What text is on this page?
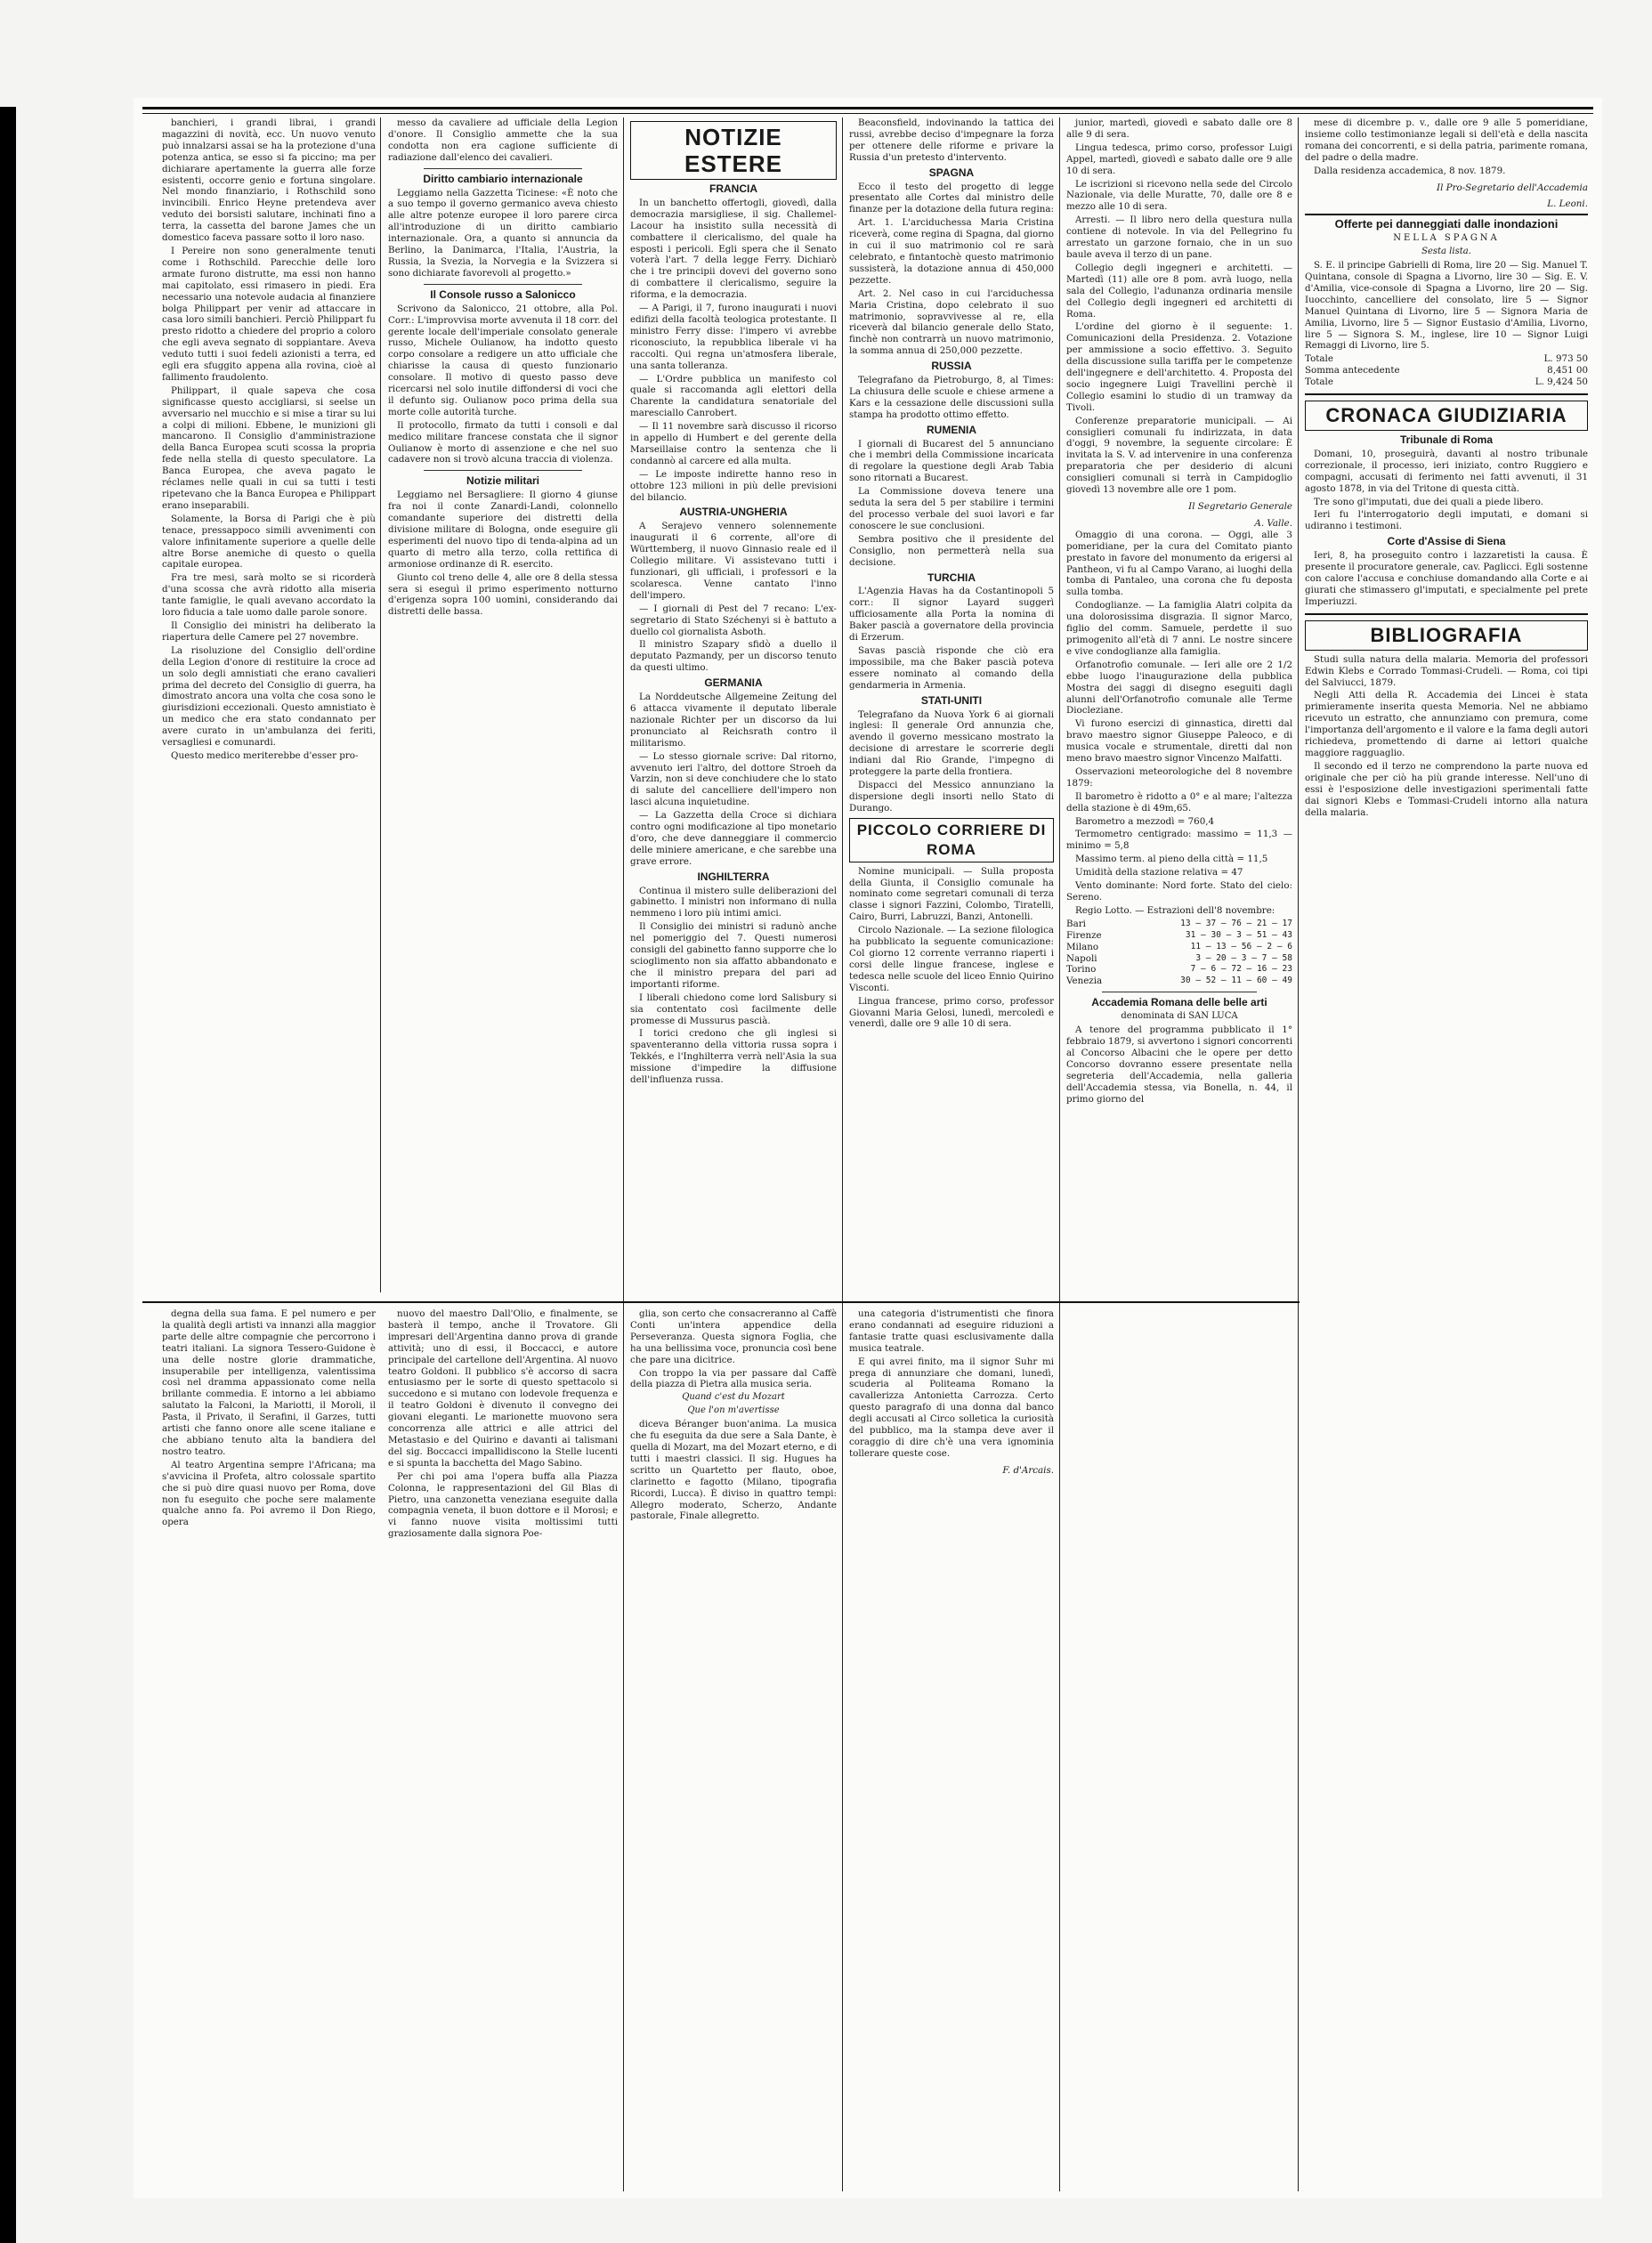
banchieri, i grandi librai, i grandi magazzini di novità, ecc. Un nuovo venuto può innalzarsi assai se ha la protezione d'una potenza antica, se esso si fa piccino; ma per dichiarare apertamente la guerra alle forze esistenti, occorre genio e fortuna singolare. Nel mondo finanziario, i Rothschild sono invincibili. Enrico Heyne pretendeva aver veduto dei borsisti salutare, inchinati fino a terra, la cassetta del barone James che un domestico faceva passare sotto il loro naso.

I Pereire non sono generalmente tenuti come i Rothschild. Parecchie delle loro armate furono distrutte, ma essi non hanno mai capitolato, essi rimasero in piedi. Era necessario una notevole audacia al finanziere bolga Philippart per venir ad attaccare in casa loro simili banchieri. Perciò Philippart fu presto ridotto a chiedere del proprio a coloro che egli aveva segnato di soppiantare. Aveva veduto tutti i suoi fedeli azionisti a terra, ed egli era sfuggito appena alla rovina, cioè al fallimento fraudolento.

Philippart, il quale sapeva che cosa significasse questo accigliarsi, si seelse un avversario nel mucchio e si mise a tirar su lui a colpi di milioni. Ebbene, le munizioni gli mancarono. Il Consiglio d'amministrazione della Banca Europea scuti scossa la propria fede nella stella di questo speculatore. La Banca Europea, che aveva pagato le réclames nelle quali in cui sa tutti i testi ripetevano che la Banca Europea e Philippart erano inseparabili.

Solamente, la Borsa di Parigi che è più tenace, pressappoco simili avvenimenti con valore infinitamente superiore a quelle delle altre Borse anemiche di questo o quella capitale europea.

Fra tre mesi, sarà molto se si ricorderà d'una scossa che avrà ridotto alla miseria tante famiglie, le quali avevano accordato la loro fiducia a tale uomo dalle parole sonore.

Il Consiglio dei ministri ha deliberato la riapertura delle Camere pel 27 novembre.

La risoluzione del Consiglio dell'ordine della Legion d'onore di restituire la croce ad un solo degli amnistiati che erano cavalieri prima del decreto del Consiglio di guerra, ha dimostrato ancora una volta che cosa sono le giurisdizioni eccezionali. Questo amnistiato è un medico che era stato condannato per avere curato in un'ambulanza dei feriti, versagliesi e comunardi.

Questo medico meriterebbe d'esser pro-

degna della sua fama. E pel numero e per la qualità degli artisti va innanzi alla maggior parte delle altre compagnie che percorrono i teatri italiani. La signora Tessero-Guidone è una delle nostre glorie drammatiche, insuperabile per intelligenza, valentissima così nel dramma appassionato come nella brillante commedia. E intorno a lei abbiamo salutato la Falconi, la Mariotti, il Moroli, il Pasta, il Privato, il Serafini, il Garzes, tutti artisti che fanno onore alle scene italiane e che abbiano tenuto alta la bandiera del nostro teatro.

Al teatro Argentina sempre l'Africana; ma s'avvicina il Profeta, altro colossale spartito che si può dire quasi nuovo per Roma, dove non fu eseguito che poche sere malamente qualche anno fa. Poi avremo il Don Riego, opera

messo da cavaliere ad ufficiale della Legion d'onore. Il Consiglio ammette che la sua condotta non era cagione sufficiente di radiazione dall'elenco dei cavalieri.

Diritto cambiario internazionale

Leggiamo nella Gazzetta Ticinese: «È noto che a suo tempo il governo germanico aveva chiesto alle altre potenze europee il loro parere circa all'introduzione di un diritto cambiario internazionale. Ora, a quanto si annuncia da Berlino, la Danimarca, l'Italia, l'Austria, la Russia, la Svezia, la Norvegia e la Svizzera si sono dichiarate favorevoli al progetto.»

Il Console russo a Salonicco

Scrivono da Salonicco, 21 ottobre, alla Pol. Corr.: L'improvvisa morte avvenuta il 18 corr. del gerente locale dell'imperiale consolato generale russo, Michele Oulianow, ha indotto questo corpo consolare a redigere un atto ufficiale che chiarisse la causa di questo funzionario consolare. Il motivo di questo passo deve ricercarsi nel solo inutile diffondersi di voci che il defunto sig. Oulianow poco prima della sua morte colle autorità turche.

Il protocollo, firmato da tutti i consoli e dal medico militare francese constata che il signor Oulianow è morto di assenzione e che nel suo cadavere non si trovò alcuna traccia di violenza.

Notizie militari

Leggiamo nel Bersagliere: Il giorno 4 giunse fra noi il conte Zanardi-Landi, colonnello comandante superiore dei distretti della divisione militare di Bologna, onde eseguire gli esperimenti del nuovo tipo di tenda-alpina ad un quarto di metro alla terzo, colla rettifica di armoniose ordinanze di R. esercito.

Giunto col treno delle 4, alle ore 8 della stessa sera si eseguì il primo esperimento notturno d'erigenza sopra 100 uomini, considerando dai distretti delle bassa.

nuovo del maestro Dall'Olio, e finalmente, se basterà il tempo, anche il Trovatore. Gli impresari dell'Argentina danno prova di grande attività; uno di essi, il Boccacci, e autore principale del cartellone dell'Argentina. Al nuovo teatro Goldoni. Il pubblico s'è accorso di sacra entusiasmo per le sorte di questo spettacolo si succedono e si mutano con lodevole frequenza e il teatro Goldoni è divenuto il convegno dei giovani eleganti. Le marionette muovono sera concorrenza alle attrici e alle attrici del Metastasio e del Quirino e davanti ai talismani del sig. Boccacci impallidiscono la Stelle lucenti e si spunta la bacchetta del Mago Sabino.

Per chi poi ama l'opera buffa alla Piazza Colonna, le rappresentazioni del Gil Blas di Pietro, una canzonetta veneziana eseguite dalla compagnia veneta, il buon dottore e il Morosi; e vi fanno nuove visita moltissimi tutti graziosamente dalla signora Poe-

NOTIZIE ESTERE
FRANCIA

In un banchetto offertogli, giovedì, dalla democrazia marsigliese, il sig. Challemel-Lacour ha insistito sulla necessità di combattere il clericalismo, del quale ha esposti i pericoli. Egli spera che il Senato voterà l'art. 7 della legge Ferry. Dichiarò che i tre principii dovevi del governo sono di combattere il clericalismo, seguire la riforma, e la democrazia.

— A Parigi, il 7, furono inaugurati i nuovi edifizi della facoltà teologica protestante. Il ministro Ferry disse: l'impero vi avrebbe riconosciuto, la repubblica liberale vi ha raccolti. Qui regna un'atmosfera liberale, una santa tolleranza.

— L'Ordre pubblica un manifesto col quale si raccomanda agli elettori della Charente la candidatura senatoriale del maresciallo Canrobert.

— Il 11 novembre sarà discusso il ricorso in appello di Humbert e del gerente della Marseillaise contro la sentenza che li condannò al carcere ed alla multa.

— Le imposte indirette hanno reso in ottobre 123 milioni in più delle previsioni del bilancio.

AUSTRIA-UNGHERIA

A Serajevo vennero solennemente inaugurati il 6 corrente, all'ore di Württemberg, il nuovo Ginnasio reale ed il Collegio militare. Vi assistevano tutti i funzionari, gli ufficiali, i professori e la scolaresca. Venne cantato l'inno dell'impero.

— I giornali di Pest del 7 recano: L'ex-segretario di Stato Széchenyi si è battuto a duello col giornalista Asboth.

Il ministro Szapary sfidò a duello il deputato Pazmandy, per un discorso tenuto da questi ultimo.

GERMANIA

La Norddeutsche Allgemeine Zeitung del 6 attacca vivamente il deputato liberale nazionale Richter per un discorso da lui pronunciato al Reichsrath contro il militarismo.

— Lo stesso giornale scrive: Dal ritorno, avvenuto ieri l'altro, del dottore Stroeh da Varzin, non si deve conchiudere che lo stato di salute del cancelliere dell'impero non lasci alcuna inquietudine.

— La Gazzetta della Croce si dichiara contro ogni modificazione al tipo monetario d'oro, che deve danneggiare il commercio delle miniere americane, e che sarebbe una grave errore.

INGHILTERRA

Continua il mistero sulle deliberazioni del gabinetto. I ministri non informano di nulla nemmeno i loro più intimi amici.

Il Consiglio dei ministri si radunò anche nel pomeriggio del 7. Questi numerosi consigli del gabinetto fanno supporre che lo scioglimento non sia affatto abbandonato e che il ministro prepara del pari ad importanti riforme.

I liberali chiedono come lord Salisbury si sia contentato così facilmente delle promesse di Mussurus pascià.

I torici credono che gli inglesi si spaventeranno della vittoria russa sopra i Tekkés, e l'Inghilterra verrà nell'Asia la sua missione d'impedire la diffusione dell'influenza russa.

glia, son certo che consacreranno al Caffè Conti un'intera appendice della Perseveranza. Questa signora Foglia, che ha una bellissima voce, pronuncia così bene che pare una dicitrice.

Con troppo la via per passare dal Caffè della piazza di Pietra alla musica seria.

Quand c'est du Mozart
Que l'on m'avertisse

diceva Béranger buon'anima. La musica che fu eseguita da due sere a Sala Dante, è quella di Mozart, ma del Mozart eterno, e di tutti i maestri classici. Il sig. Hugues ha scritto un Quartetto per flauto, oboe, clarinetto e fagotto (Milano, tipografia Ricordi, Lucca). È diviso in quattro tempi: Allegro moderato, Scherzo, Andante pastorale, Finale allegretto.

Beaconsfield, indovinando la tattica dei russi, avrebbe deciso d'impegnare la forza per ottenere delle riforme e privare la Russia d'un pretesto d'intervento.

SPAGNA

Ecco il testo del progetto di legge presentato alle Cortes dal ministro delle finanze per la dotazione della futura regina:

Art. 1. L'arciduchessa Maria Cristina riceverà, come regina di Spagna, dal giorno in cui il suo matrimonio col re sarà celebrato, e fintantochè questo matrimonio sussisterà, la dotazione annua di 450,000 pezzette.

Art. 2. Nel caso in cui l'arciduchessa Maria Cristina, dopo celebrato il suo matrimonio, sopravvivesse al re, ella riceverà dal bilancio generale dello Stato, finchè non contrarrà un nuovo matrimonio, la somma annua di 250,000 pezzette.

RUSSIA

Telegrafano da Pietroburgo, 8, al Times: La chiusura delle scuole e chiese armene a Kars e la cessazione delle discussioni sulla stampa ha prodotto ottimo effetto.

RUMENIA

I giornali di Bucarest del 5 annunciano che i membri della Commissione incaricata di regolare la questione degli Arab Tabia sono ritornati a Bucarest.

La Commissione doveva tenere una seduta la sera del 5 per stabilire i termini del processo verbale del suoi lavori e far conoscere le sue conclusioni.

Sembra positivo che il presidente del Consiglio, non permetterà nella sua decisione.

TURCHIA

L'Agenzia Havas ha da Costantinopoli 5 corr.: Il signor Layard suggerì ufficiosamente alla Porta la nomina di Baker pascià a governatore della provincia di Erzerum.

Savas pascià risponde che ciò era impossibile, ma che Baker pascià poteva essere nominato al comando della gendarmeria in Armenia.

STATI-UNITI

Telegrafano da Nuova York 6 ai giornali inglesi: Il generale Ord annunzia che, avendo il governo messicano mostrato la decisione di arrestare le scorrerie degli indiani dal Rio Grande, l'impegno di proteggere la parte della frontiera.

Dispacci del Messico annunziano la dispersione degli insorti nello Stato di Durango.

PICCOLO CORRIERE DI ROMA

Nomine municipali. — Sulla proposta della Giunta, il Consiglio comunale ha nominato come segretari comunali di terza classe i signori Fazzini, Colombo, Tiratelli, Cairo, Burri, Labruzzi, Banzi, Antonelli.

Circolo Nazionale. — La sezione filologica ha pubblicato la seguente comunicazione: Col giorno 12 corrente verranno riaperti i corsi delle lingue francese, inglese e tedesca nelle scuole del liceo Ennio Quirino Visconti.

Lingua francese, primo corso, professor Giovanni Maria Gelosi, lunedì, mercoledì e venerdì, dalle ore 9 alle 10 di sera.

una categoria d'istrumentisti che finora erano condannati ad eseguire riduzioni a fantasie tratte quasi esclusivamente dalla musica teatrale.

E qui avrei finito, ma il signor Suhr mi prega di annunziare che domani, lunedì, scuderia al Politeama Romano la cavallerizza Antonietta Carrozza. Certo questo paragrafo di una donna dal banco degli accusati al Circo solletica la curiosità del pubblico, ma la stampa deve aver il coraggio di dire ch'è una vera ignominia tollerare queste cose.

F. d'Arcais.

junior, martedì, giovedì e sabato dalle ore 8 alle 9 di sera.

Lingua tedesca, primo corso, professor Luigi Appel, martedì, giovedì e sabato dalle ore 9 alle 10 di sera.

Le iscrizioni si ricevono nella sede del Circolo Nazionale, via delle Muratte, 70, dalle ore 8 e mezzo alle 10 di sera.

Arresti. — Il libro nero della questura nulla contiene di notevole. In via del Pellegrino fu arrestato un garzone fornaio, che in un suo baule aveva il terzo di un pane.

Collegio degli ingegneri e architetti. — Martedì (11) alle ore 8 pom. avrà luogo, nella sala del Collegio, l'adunanza ordinaria mensile del Collegio degli ingegneri ed architetti di Roma.

L'ordine del giorno è il seguente: 1. Comunicazioni della Presidenza. 2. Votazione per ammissione a socio effettivo. 3. Seguito della discussione sulla tariffa per le competenze dell'ingegnere e dell'architetto. 4. Proposta del socio ingegnere Luigi Travellini perchè il Collegio esamini lo studio di un tramway da Tivoli.

Conferenze preparatorie municipali. — Ai consiglieri comunali fu indirizzata, in data d'oggi, 9 novembre, la seguente circolare: È invitata la S. V. ad intervenire in una conferenza preparatoria che per desiderio di alcuni consiglieri comunali si terrà in Campidoglio giovedì 13 novembre alle ore 1 pom.

Il Segretario Generale
A. Valle.

Omaggio di una corona. — Oggi, alle 3 pomeridiane, per la cura del Comitato pianto prestato in favore del monumento da erigersi al Pantheon, vi fu al Campo Varano, ai luoghi della tomba di Pantaleo, una corona che fu deposta sulla tomba.

Condoglianze. — La famiglia Alatri colpita da una dolorosissima disgrazia. Il signor Marco, figlio del comm. Samuele, perdette il suo primogenito all'età di 7 anni. Le nostre sincere e vive condoglianze alla famiglia.

Orfanotrofio comunale. — Ieri alle ore 2 1/2 ebbe luogo l'inaugurazione della pubblica Mostra dei saggi di disegno eseguiti dagli alunni dell'Orfanotrofio comunale alle Terme Diocleziane.

Vi furono esercizi di ginnastica, diretti dal bravo maestro signor Giuseppe Paleoco, e di musica vocale e strumentale, diretti dal non meno bravo maestro signor Vincenzo Malfatti.

Osservazioni meteorologiche del 8 novembre 1879:

Il barometro è ridotto a 0° e al mare; l'altezza della stazione è di 49m,65.

Barometro a mezzodì = 760,4

Termometro centigrado: massimo = 11,3 — minimo = 5,8

Massimo term. al pieno della città = 11,5

Umidità della stazione relativa = 47

Vento dominante: Nord forte. Stato del cielo: Sereno.

Regio Lotto. — Estrazioni dell'8 novembre:

Bari	13 — 37 — 76 — 21 — 17
Firenze	31 — 30 — 3 — 51 — 43
Milano	11 — 13 — 56 — 2 — 6
Napoli	3 — 20 — 3 — 7 — 58
Torino	7 — 6 — 72 — 16 — 23
Venezia	30 — 52 — 11 — 60 — 49
Accademia Romana delle belle arti
denominata di SAN LUCA

A tenore del programma pubblicato il 1° febbraio 1879, si avvertono i signori concorrenti al Concorso Albacini che le opere per detto Concorso dovranno essere presentate nella segreteria dell'Accademia, nella galleria dell'Accademia stessa, via Bonella, n. 44, il primo giorno del

mese di dicembre p. v., dalle ore 9 alle 5 pomeridiane, insieme collo testimonianze legali si dell'età e della nascita romana dei concorrenti, e si della patria, parimente romana, del padre o della madre.

Dalla residenza accademica, 8 nov. 1879.

Il Pro-Segretario dell'Accademia
L. Leoni.
Offerte pei danneggiati dalle inondazioni
NELLA SPAGNA
Sesta lista.

S. E. il principe Gabrielli di Roma, lire 20 — Sig. Manuel T. Quintana, console di Spagna a Livorno, lire 30 — Sig. E. V. d'Amilia, vice-console di Spagna a Livorno, lire 20 — Sig. Iuocchinto, cancelliere del consolato, lire 5 — Signor Manuel Quintana di Livorno, lire 5 — Signora Maria de Amilia, Livorno, lire 5 — Signor Eustasio d'Amilia, Livorno, lire 5 — Signora S. M., inglese, lire 10 — Signor Luigi Remaggi di Livorno, lire 5.

Totale	L. 973 50
Somma antecedente	8,451 00
Totale	L. 9,424 50
CRONACA GIUDIZIARIA
Tribunale di Roma

Domani, 10, proseguirà, davanti al nostro tribunale correzionale, il processo, ieri iniziato, contro Ruggiero e compagni, accusati di ferimento nei fatti avvenuti, il 31 agosto 1878, in via del Tritone di questa città.

Tre sono gl'imputati, due dei quali a piede libero.

Ieri fu l'interrogatorio degli imputati, e domani si udiranno i testimoni.

Corte d'Assise di Siena

Ieri, 8, ha proseguito contro i lazzaretisti la causa. È presente il procuratore generale, cav. Paglicci. Egli sostenne con calore l'accusa e conchiuse domandando alla Corte e ai giurati che stimassero gl'imputati, e specialmente pel prete Imperiuzzi.

BIBLIOGRAFIA

Studi sulla natura della malaria. Memoria del professori Edwin Klebs e Corrado Tommasi-Crudeli. — Roma, coi tipi del Salviucci, 1879.

Negli Atti della R. Accademia dei Lincei è stata primieramente inserita questa Memoria. Nel ne abbiamo ricevuto un estratto, che annunziamo con premura, come l'importanza dell'argomento e il valore e la fama degli autori richiedeva, promettendo di darne ai lettori qualche maggiore ragguaglio.

Il secondo ed il terzo ne comprendono la parte nuova ed originale che per ciò ha più grande interesse. Nell'uno di essi è l'esposizione delle investigazioni sperimentali fatte dai signori Klebs e Tommasi-Crudeli intorno alla natura della malaria.
